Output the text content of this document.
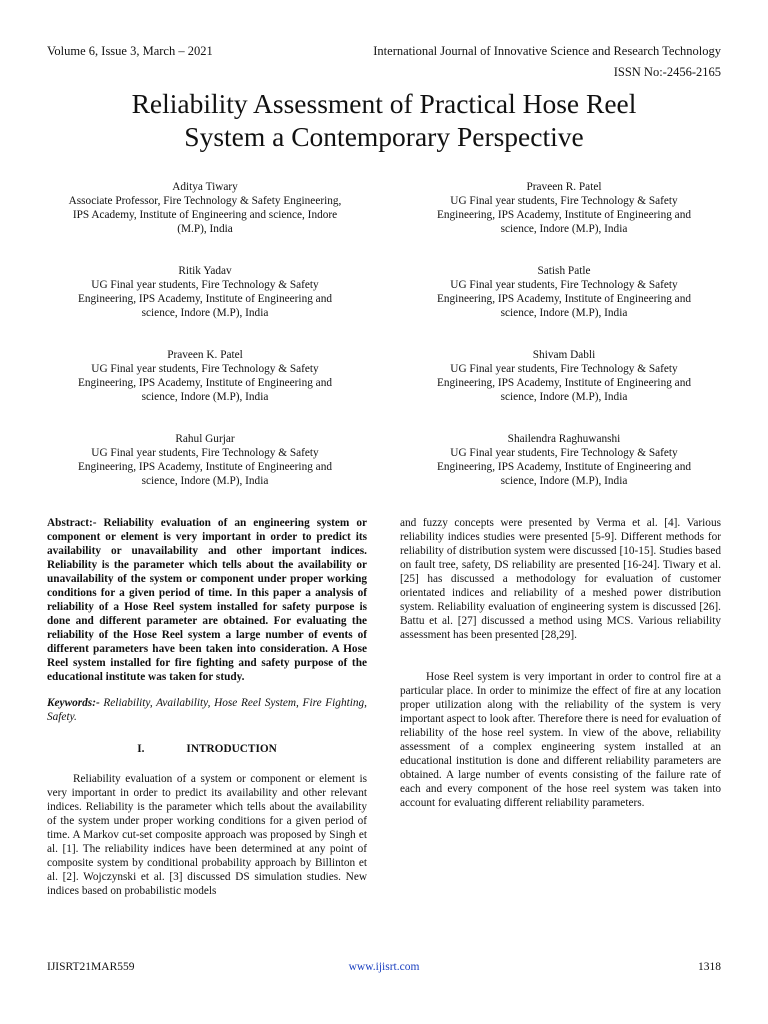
Volume 6, Issue 3, March – 2021	International Journal of Innovative Science and Research Technology
ISSN No:-2456-2165
Reliability Assessment of Practical Hose Reel
System a Contemporary Perspective
Aditya Tiwary
Associate Professor, Fire Technology & Safety Engineering,
IPS Academy, Institute of Engineering and science, Indore
(M.P), India
Ritik Yadav
UG Final year students, Fire Technology & Safety
Engineering, IPS Academy, Institute of Engineering and
science, Indore (M.P), India
Praveen K. Patel
UG Final year students, Fire Technology & Safety
Engineering, IPS Academy, Institute of Engineering and
science, Indore (M.P), India
Rahul Gurjar
UG Final year students, Fire Technology & Safety
Engineering, IPS Academy, Institute of Engineering and
science, Indore (M.P), India
Praveen R. Patel
UG Final year students, Fire Technology & Safety
Engineering, IPS Academy, Institute of Engineering and
science, Indore (M.P), India
Satish Patle
UG Final year students, Fire Technology & Safety
Engineering, IPS Academy, Institute of Engineering and
science, Indore (M.P), India
Shivam Dabli
UG Final year students, Fire Technology & Safety
Engineering, IPS Academy, Institute of Engineering and
science, Indore (M.P), India
Shailendra Raghuwanshi
UG Final year students, Fire Technology & Safety
Engineering, IPS Academy, Institute of Engineering and
science, Indore (M.P), India

Abstract:- Reliability evaluation of an engineering system or component or element is very important in order to predict its availability or unavailability and other important indices. Reliability is the parameter which tells about the availability or unavailability of the system or component under proper working conditions for a given period of time. In this paper a analysis of reliability of a Hose Reel system installed for safety purpose is done and different parameter are obtained. For evaluating the reliability of the Hose Reel system a large number of events of different parameters have been taken into consideration. A Hose Reel system installed for fire fighting and safety purpose of the educational institute was taken for study.

Keywords:- Reliability, Availability, Hose Reel System, Fire Fighting, Safety.

I.	INTRODUCTION

Reliability evaluation of a system or component or element is very important in order to predict its availability and other relevant indices. Reliability is the parameter which tells about the availability of the system under proper working conditions for a given period of time. A Markov cut-set composite approach was proposed by Singh et al. [1]. The reliability indices have been determined at any point of composite system by conditional probability approach by Billinton et al. [2]. Wojczynski et al. [3] discussed DS simulation studies. New indices based on probabilistic models

and fuzzy concepts were presented by Verma et al. [4]. Various reliability indices studies were presented [5-9]. Different methods for reliability of distribution system were discussed [10-15]. Studies based on fault tree, safety, DS reliability are presented [16-24]. Tiwary et al. [25] has discussed a methodology for evaluation of customer orientated indices and reliability of a meshed power distribution system. Reliability evaluation of engineering system is discussed [26]. Battu et al. [27] discussed a method using MCS. Various reliability assessment has been presented [28,29].

Hose Reel system is very important in order to control fire at a particular place. In order to minimize the effect of fire at any location proper utilization along with the reliability of the system is very important aspect to look after. Therefore there is need for evaluation of reliability of the hose reel system. In view of the above, reliability assessment of a complex engineering system installed at an educational institution is done and different reliability parameters are obtained. A large number of events consisting of the failure rate of each and every component of the hose reel system was taken into account for evaluating different reliability parameters.

IJISRT21MAR559	www.ijisrt.com	1318
